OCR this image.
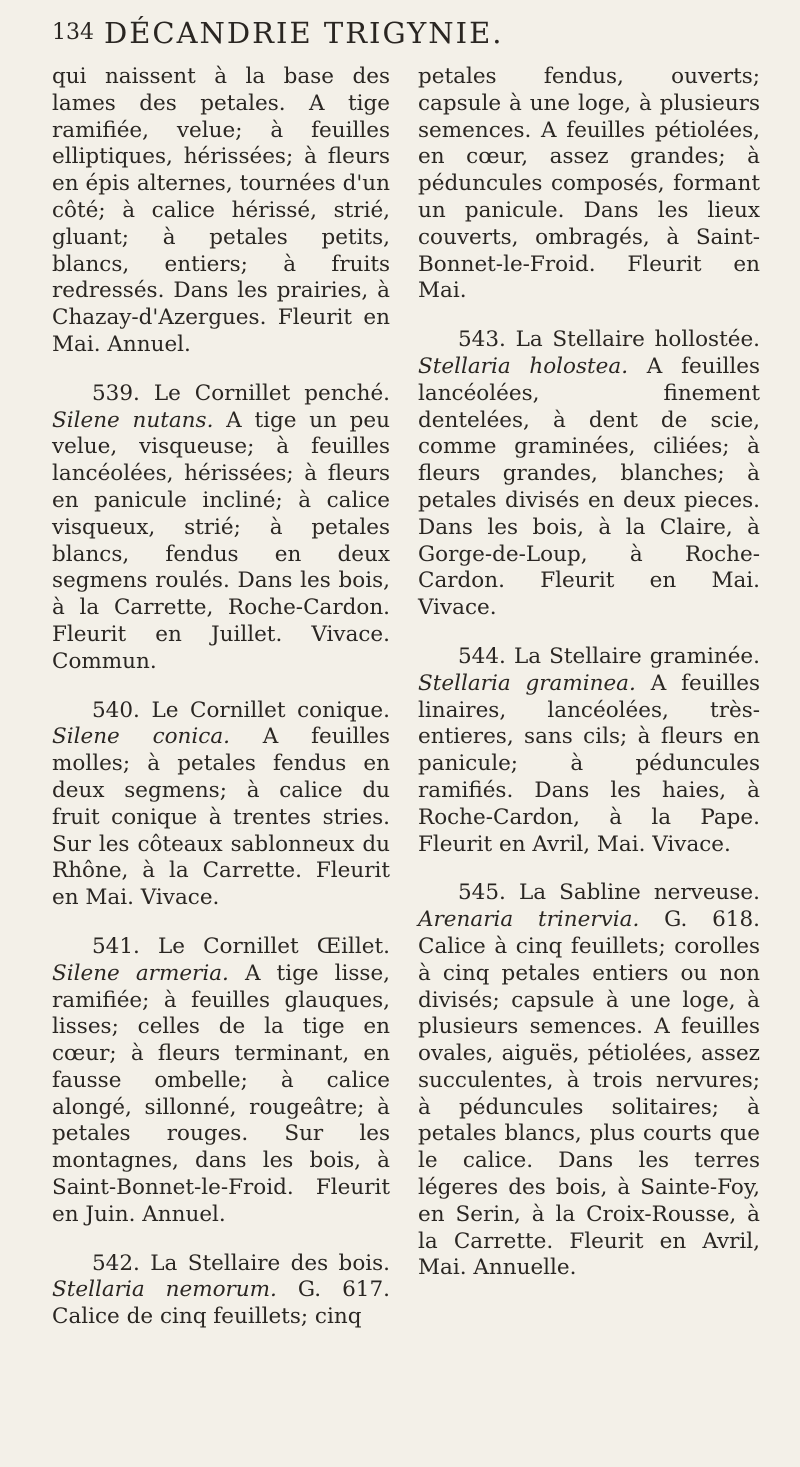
134 DÉCANDRIE TRIGYNIE.

qui naissent à la base des lames des petales. A tige ramifiée, velue; à feuilles elliptiques, hérissées; à fleurs en épis alternes, tournées d'un côté; à calice hérissé, strié, gluant; à petales petits, blancs, entiers; à fruits redressés. Dans les prairies, à Chazay-d'Azergues. Fleurit en Mai. Annuel.

539. Le Cornillet penché. Silene nutans. A tige un peu velue, visqueuse; à feuilles lancéolées, hérissées; à fleurs en panicule incliné; à calice visqueux, strié; à petales blancs, fendus en deux segmens roulés. Dans les bois, à la Carrette, Roche-Cardon. Fleurit en Juillet. Vivace. Commun.

540. Le Cornillet conique. Silene conica. A feuilles molles; à petales fendus en deux segmens; à calice du fruit conique à trentes stries. Sur les côteaux sablonneux du Rhône, à la Carrette. Fleurit en Mai. Vivace.

541. Le Cornillet Œillet. Silene armeria. A tige lisse, ramifiée; à feuilles glauques, lisses; celles de la tige en cœur; à fleurs terminant, en fausse ombelle; à calice alongé, sillonné, rougeâtre; à petales rouges. Sur les montagnes, dans les bois, à Saint-Bonnet-le-Froid. Fleurit en Juin. Annuel.

542. La Stellaire des bois. Stellaria nemorum. G. 617. Calice de cinq feuillets; cinq

petales fendus, ouverts; capsule à une loge, à plusieurs semences. A feuilles pétiolées, en cœur, assez grandes; à péduncules composés, formant un panicule. Dans les lieux couverts, ombragés, à Saint-Bonnet-le-Froid. Fleurit en Mai.

543. La Stellaire hollostée. Stellaria holostea. A feuilles lancéolées, finement dentelées, à dent de scie, comme graminées, ciliées; à fleurs grandes, blanches; à petales divisés en deux pieces. Dans les bois, à la Claire, à Gorge-de-Loup, à Roche-Cardon. Fleurit en Mai. Vivace.

544. La Stellaire graminée. Stellaria graminea. A feuilles linaires, lancéolées, très-entieres, sans cils; à fleurs en panicule; à péduncules ramifiés. Dans les haies, à Roche-Cardon, à la Pape. Fleurit en Avril, Mai. Vivace.

545. La Sabline nerveuse. Arenaria trinervia. G. 618. Calice à cinq feuillets; corolles à cinq petales entiers ou non divisés; capsule à une loge, à plusieurs semences. A feuilles ovales, aiguës, pétiolées, assez succulentes, à trois nervures; à péduncules solitaires; à petales blancs, plus courts que le calice. Dans les terres légeres des bois, à Sainte-Foy, en Serin, à la Croix-Rousse, à la Carrette. Fleurit en Avril, Mai. Annuelle.
